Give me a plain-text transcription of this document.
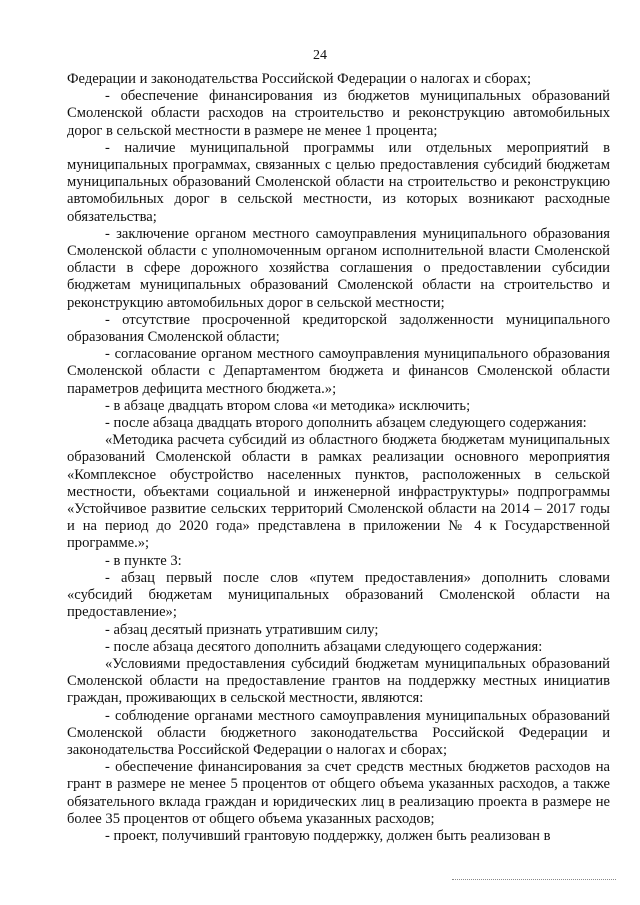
24

Федерации и законодательства Российской Федерации о налогах и сборах;

- обеспечение финансирования из бюджетов муниципальных образований Смоленской области расходов на строительство и реконструкцию автомобильных дорог в сельской местности в размере не менее 1 процента;

- наличие муниципальной программы или отдельных мероприятий в муниципальных программах, связанных с целью предоставления субсидий бюджетам муниципальных образований Смоленской области на строительство и реконструкцию автомобильных дорог в сельской местности, из которых возникают расходные обязательства;

- заключение органом местного самоуправления муниципального образования Смоленской области с уполномоченным органом исполнительной власти Смоленской области в сфере дорожного хозяйства соглашения о предоставлении субсидии бюджетам муниципальных образований Смоленской области на строительство и реконструкцию автомобильных дорог в сельской местности;

- отсутствие просроченной кредиторской задолженности муниципального образования Смоленской области;

- согласование органом местного самоуправления муниципального образования Смоленской области с Департаментом бюджета и финансов Смоленской области параметров дефицита местного бюджета.»;

- в абзаце двадцать втором слова «и методика» исключить;

- после абзаца двадцать второго дополнить абзацем следующего содержания:

«Методика расчета субсидий из областного бюджета бюджетам муниципальных образований Смоленской области в рамках реализации основного мероприятия «Комплексное обустройство населенных пунктов, расположенных в сельской местности, объектами социальной и инженерной инфраструктуры» подпрограммы «Устойчивое развитие сельских территорий Смоленской области на 2014 – 2017 годы и на период до 2020 года» представлена в приложении № 4 к Государственной программе.»;

- в пункте 3:

- абзац первый после слов «путем предоставления» дополнить словами «субсидий бюджетам муниципальных образований Смоленской области на предоставление»;

- абзац десятый признать утратившим силу;

- после абзаца десятого дополнить абзацами следующего содержания:

«Условиями предоставления субсидий бюджетам муниципальных образований Смоленской области на предоставление грантов на поддержку местных инициатив граждан, проживающих в сельской местности, являются:

- соблюдение органами местного самоуправления муниципальных образований Смоленской области бюджетного законодательства Российской Федерации и законодательства Российской Федерации о налогах и сборах;

- обеспечение финансирования за счет средств местных бюджетов расходов на грант в размере не менее 5 процентов от общего объема указанных расходов, а также обязательного вклада граждан и юридических лиц в реализацию проекта в размере не более 35 процентов от общего объема указанных расходов;

- проект, получивший грантовую поддержку, должен быть реализован в
